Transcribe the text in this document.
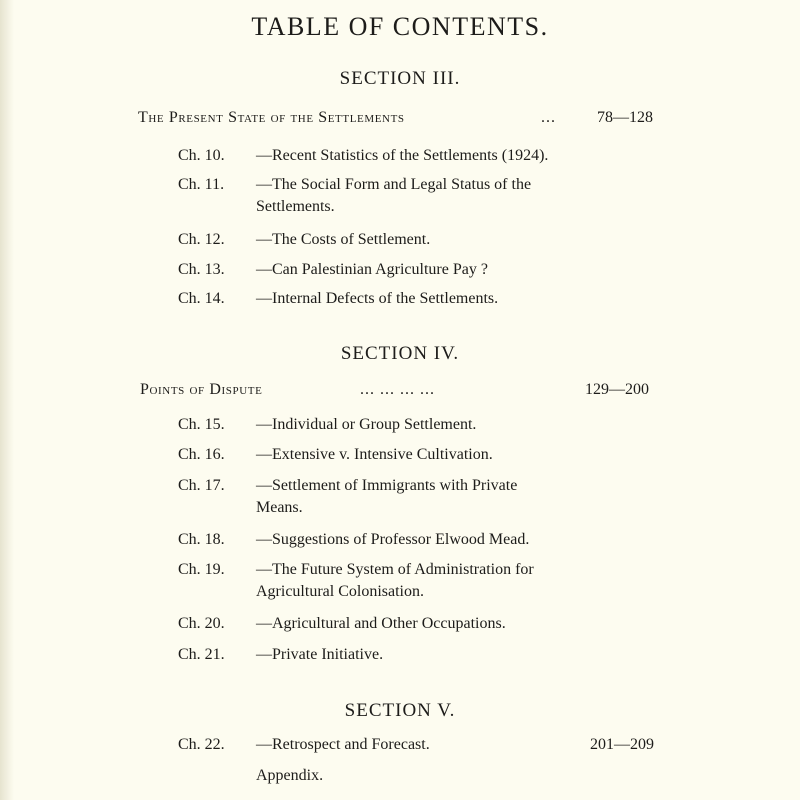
TABLE OF CONTENTS.
SECTION III.
The Present State of the Settlements	...	78—128
Ch. 10. —Recent Statistics of the Settlements (1924).
Ch. 11. —The Social Form and Legal Status of the
Settlements.
Ch. 12. —The Costs of Settlement.
Ch. 13. —Can Palestinian Agriculture Pay ?
Ch. 14. —Internal Defects of the Settlements.
SECTION IV.
Points of Dispute	... ... ... ...	129—200
Ch. 15. —Individual or Group Settlement.
Ch. 16. —Extensive v. Intensive Cultivation.
Ch. 17. —Settlement of Immigrants with Private
Means.
Ch. 18. —Suggestions of Professor Elwood Mead.
Ch. 19. —The Future System of Administration for
Agricultural Colonisation.
Ch. 20. —Agricultural and Other Occupations.
Ch. 21. —Private Initiative.
SECTION V.
Ch. 22. —Retrospect and Forecast.	201—209
Appendix.
